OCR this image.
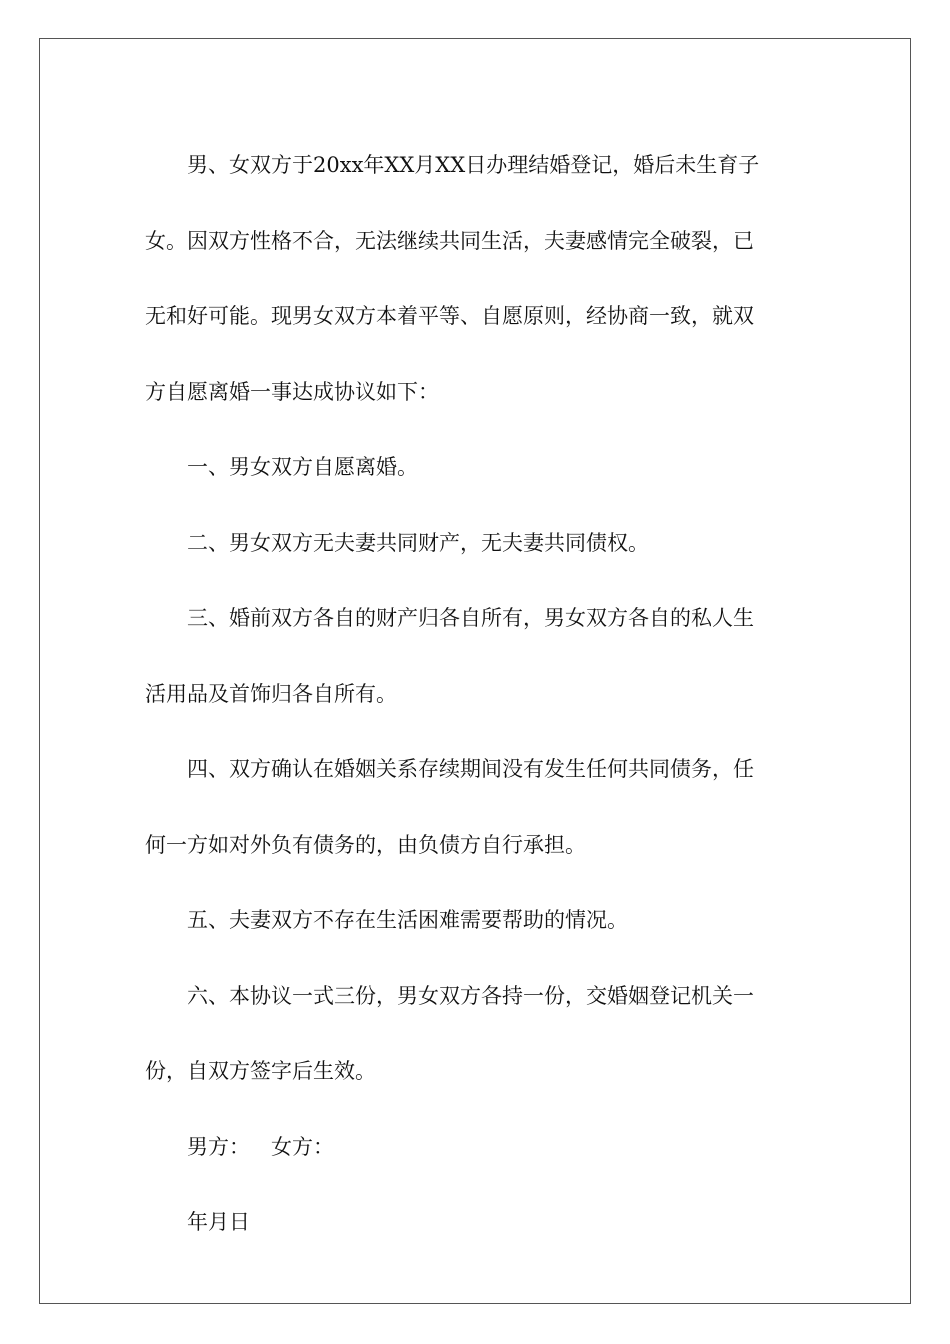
男、女双方于20xx年XX月XX日办理结婚登记，婚后未生育子
女。因双方性格不合，无法继续共同生活，夫妻感情完全破裂，已
无和好可能。现男女双方本着平等、自愿原则，经协商一致，就双
方自愿离婚一事达成协议如下：

一、男女双方自愿离婚。

二、男女双方无夫妻共同财产，无夫妻共同债权。

三、婚前双方各自的财产归各自所有，男女双方各自的私人生
活用品及首饰归各自所有。

四、双方确认在婚姻关系存续期间没有发生任何共同债务，任
何一方如对外负有债务的，由负债方自行承担。

五、夫妻双方不存在生活困难需要帮助的情况。

六、本协议一式三份，男女双方各持一份，交婚姻登记机关一
份，自双方签字后生效。

男方： 女方：

年月日
